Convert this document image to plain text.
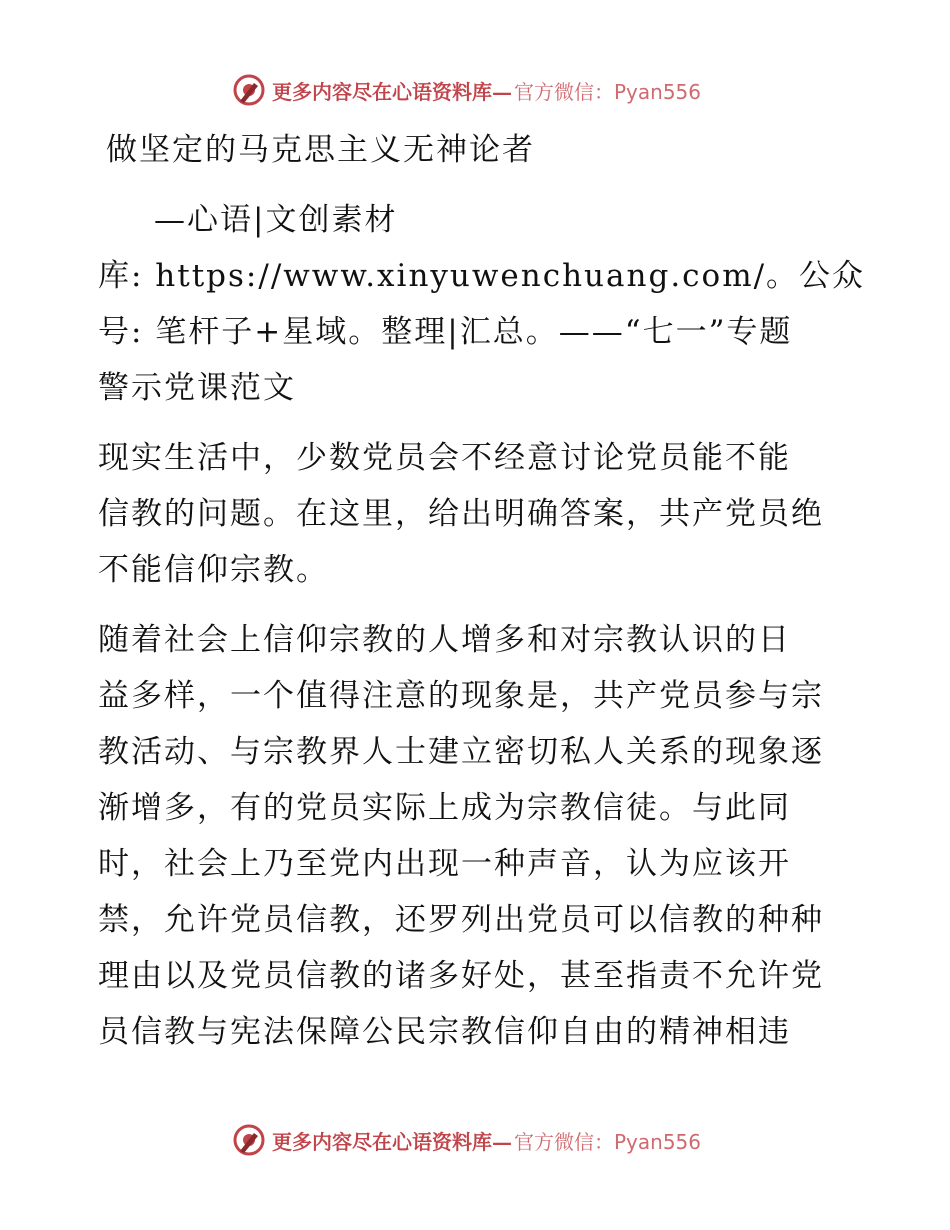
更多内容尽在心语资料库— 官方微信：Pyan556
做坚定的马克思主义无神论者
—心语|文创素材
库: https://www.xinyuwenchuang.com/。公众
号: 笔杆子+星域。整理|汇总。——“七一”专题
警示党课范文
现实生活中，少数党员会不经意讨论党员能不能
信教的问题。在这里，给出明确答案，共产党员绝
不能信仰宗教。
随着社会上信仰宗教的人增多和对宗教认识的日
益多样，一个值得注意的现象是，共产党员参与宗
教活动、与宗教界人士建立密切私人关系的现象逐
渐增多，有的党员实际上成为宗教信徒。与此同
时，社会上乃至党内出现一种声音，认为应该开
禁，允许党员信教，还罗列出党员可以信教的种种
理由以及党员信教的诸多好处，甚至指责不允许党
员信教与宪法保障公民宗教信仰自由的精神相违
更多内容尽在心语资料库— 官方微信：Pyan556
